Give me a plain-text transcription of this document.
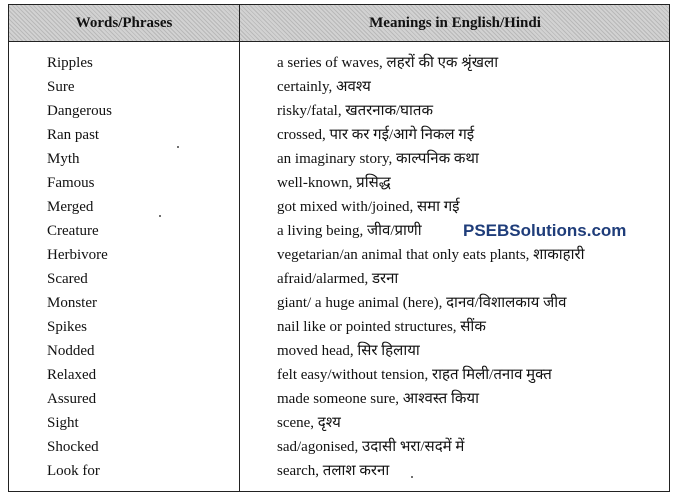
Words/Phrases	Meanings in English/Hindi
Ripples	a series of waves, लहरों की एक श्रृंखला
Sure	certainly, अवश्य
Dangerous	risky/fatal, खतरनाक/घातक
Ran past	crossed, पार कर गई/आगे निकल गई
Myth	an imaginary story, काल्पनिक कथा
Famous	well-known, प्रसिद्ध
Merged	got mixed with/joined, समा गई
Creature	a living being, जीव/प्राणी
Herbivore	vegetarian/an animal that only eats plants, शाकाहारी
Scared	afraid/alarmed, डरना
Monster	giant/ a huge animal (here), दानव/विशालकाय जीव
Spikes	nail like or pointed structures, सींक
Nodded	moved head, सिर हिलाया
Relaxed	felt easy/without tension, राहत मिली/तनाव मुक्त
Assured	made someone sure, आश्वस्त किया
Sight	scene, दृश्य
Shocked	sad/agonised, उदासी भरा/सदमें में
Look for	search, तलाश करना
PSEBSolutions.com
